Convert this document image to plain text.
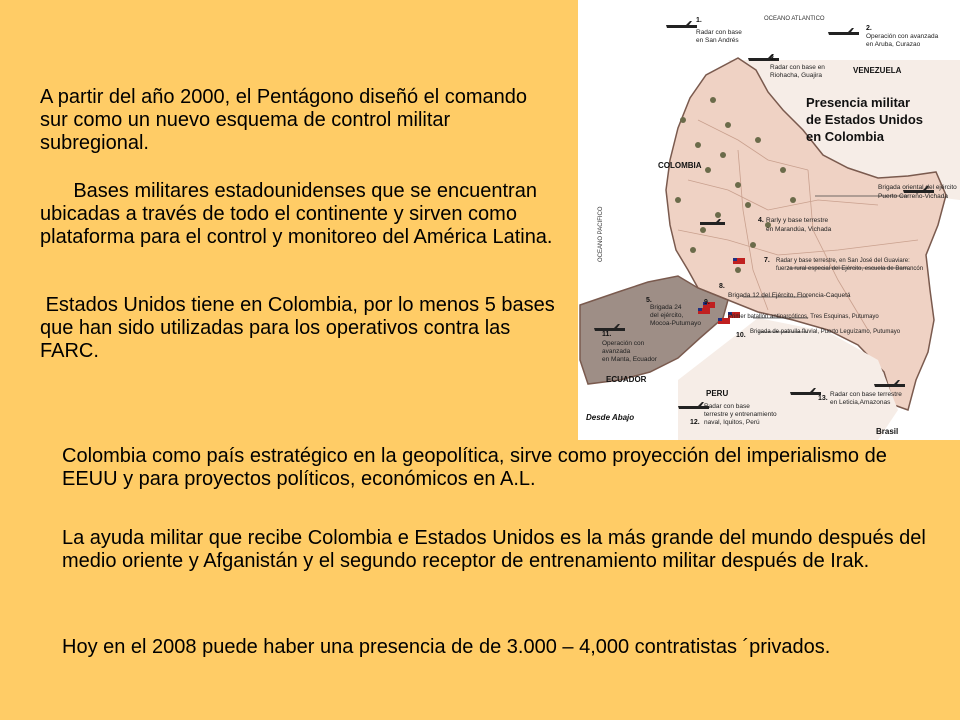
A partir del año 2000, el Pentágono diseñó el comando sur como un nuevo esquema de control militar subregional.

Bases militares estadounidenses que se encuentran ubicadas a través de todo el continente y sirven como plataforma para el control y monitoreo del América Latina.

Estados Unidos tiene en Colombia, por lo menos 5 bases que han sido utilizadas para los operativos contra las FARC.

Colombia como país estratégico en la geopolítica, sirve como proyección del imperialismo de EEUU y para proyectos políticos, económicos en A.L.

La ayuda militar que recibe Colombia e Estados Unidos es la más grande del mundo después del medio oriente y Afganistán y el segundo receptor de entrenamiento militar después de Irak.

Hoy en el 2008 puede haber una presencia de de 3.000 – 4,000 contratistas ´privados.

OCEANO ATLANTICO
OCEANO PACIFICO
VENEZUELA
COLOMBIA
ECUADOR
PERU
Brasil
Desde Abajo
Presencia militar
de Estados Unidos
en Colombia
1.
Radar con base
en San Andrés
2.
Operación con avanzada
en Aruba, Curazao
3.
Radar con base en
Riohacha, Guajira
Brigada oriental del ejército
Puerto Carreño-Vichada
4. Rarly y base terrestre
en Marandúa, Vichada
7. Radar y base terrestre, en San José del Guaviare:
fuerza rural especial del Ejército, escuela de Barrancón
8.
Brigada 12 del Ejército, Florencia-Caquetá
9.
Primer batallón antinarcóticos, Tres Esquinas, Putumayo
10. Brigada de patrulla fluvial, Puerto Leguízamo, Putumayo
5.
Brigada 24
del ejército,
Mocoa-Putumayo
11.
Operación con
avanzada
en Manta, Ecuador
13.
Radar con base terrestre
en Leticia,Amazonas
12.
Radar con base
terrestre y entrenamiento
naval, Iquitos, Perú
